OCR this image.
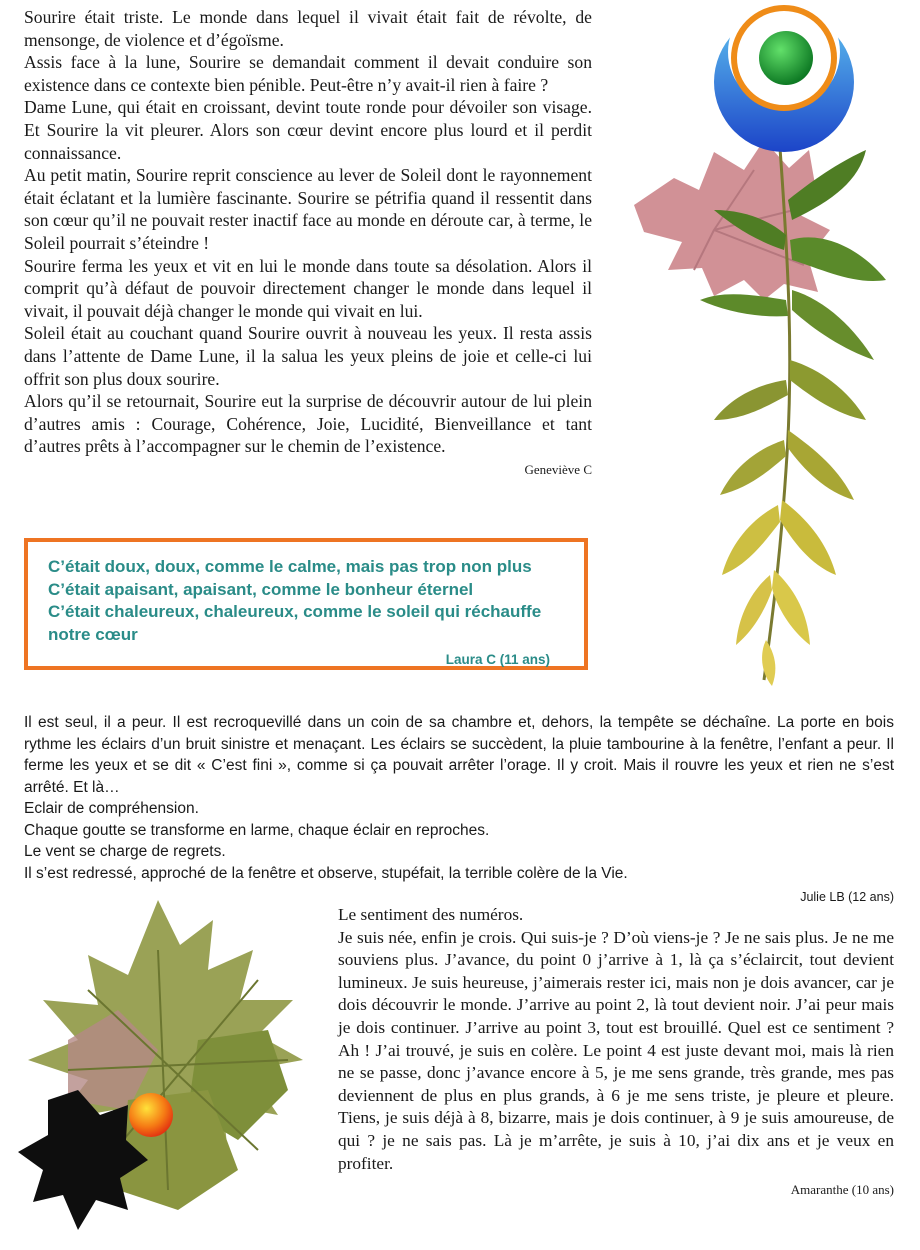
Sourire était triste. Le monde dans lequel il vivait était fait de révolte, de mensonge, de violence et d’égoïsme.

Assis face à la lune, Sourire se demandait comment il devait conduire son existence dans ce contexte bien pénible. Peut-être n’y avait-il rien à faire ?

Dame Lune, qui était en croissant, devint toute ronde pour dévoiler son visage. Et Sourire la vit pleurer. Alors son cœur devint encore plus lourd et il perdit connaissance.

Au petit matin, Sourire reprit conscience au lever de Soleil dont le rayonnement était éclatant et la lumière fascinante. Sourire se pétrifia quand il ressentit dans son cœur qu’il ne pouvait rester inactif face au monde en déroute car, à terme, le Soleil pourrait s’éteindre !

Sourire ferma les yeux et vit en lui le monde dans toute sa désolation. Alors il comprit qu’à défaut de pouvoir directement changer le monde dans lequel il vivait, il pouvait déjà changer le monde qui vivait en lui.

Soleil était au couchant quand Sourire ouvrit à nouveau les yeux. Il resta assis dans l’attente de Dame Lune, il la salua les yeux pleins de joie et celle-ci lui offrit son plus doux sourire.

Alors qu’il se retournait, Sourire eut la surprise de découvrir autour de lui plein d’autres amis : Courage, Cohérence, Joie, Lucidité, Bienveillance et tant d’autres prêts à l’accompagner sur le chemin de l’existence.

Geneviève C

C’était doux, doux, comme le calme, mais pas trop non plus

C’était apaisant, apaisant, comme le bonheur éternel

C’était chaleureux, chaleureux, comme le soleil qui réchauffe notre cœur

Laura C (11 ans)

Il est seul, il a peur. Il est recroquevillé dans un coin de sa chambre et, dehors, la tempête se déchaîne. La porte en bois rythme les éclairs d’un bruit sinistre et menaçant. Les éclairs se succèdent, la pluie tambourine à la fenêtre, l’enfant a peur. Il ferme les yeux et se dit « C’est fini », comme si ça pouvait arrêter l’orage. Il y croit. Mais il rouvre les yeux et rien ne s’est arrêté. Et là…

Eclair de compréhension.

Chaque goutte se transforme en larme, chaque éclair en reproches.

Le vent se charge de regrets.

Il s’est redressé, approché de la fenêtre et observe, stupéfait, la terrible colère de la Vie.

Julie LB (12 ans)

Le sentiment des numéros.

Je suis née, enfin je crois. Qui suis-je ? D’où viens-je ? Je ne sais plus. Je ne me souviens plus. J’avance, du point 0 j’arrive à 1, là ça s’éclaircit, tout devient lumineux. Je suis heureuse, j’aimerais rester ici, mais non je dois avancer, car je dois découvrir le monde. J’arrive au point 2, là tout devient noir. J’ai peur mais je dois continuer. J’arrive au point 3, tout est brouillé. Quel est ce sentiment ? Ah ! J’ai trouvé, je suis en colère. Le point 4 est juste devant moi, mais là rien ne se passe, donc j’avance encore à 5, je me sens grande, très grande, mes pas deviennent de plus en plus grands, à 6 je me sens triste, je pleure et pleure. Tiens, je suis déjà à 8, bizarre, mais je dois continuer, à 9 je suis amoureuse, de qui ? je ne sais pas. Là je m’arrête, je suis à 10, j’ai dix ans et je veux en profiter.

Amaranthe (10 ans)
